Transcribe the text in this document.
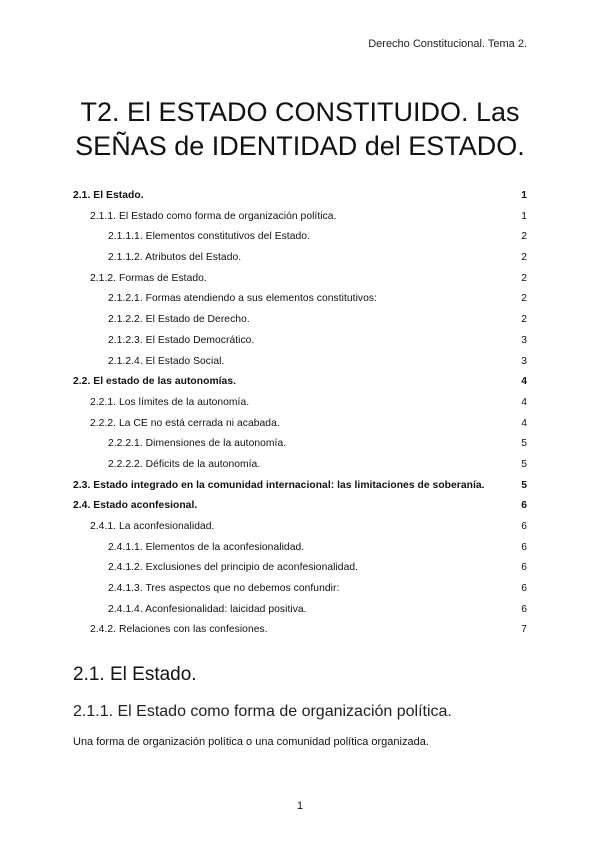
Derecho Constitucional. Tema 2.
T2. El ESTADO CONSTITUIDO. Las
SEÑAS de IDENTIDAD del ESTADO.
2.1. El Estado.	1
2.1.1. El Estado como forma de organización política.	1
2.1.1.1. Elementos constitutivos del Estado.	2
2.1.1.2. Atributos del Estado.	2
2.1.2. Formas de Estado.	2
2.1.2.1. Formas atendiendo a sus elementos constitutivos:	2
2.1.2.2. El Estado de Derecho.	2
2.1.2.3. El Estado Democrático.	3
2.1.2.4. El Estado Social.	3
2.2. El estado de las autonomías.	4
2.2.1. Los límites de la autonomía.	4
2.2.2. La CE no está cerrada ni acabada.	4
2.2.2.1. Dimensiones de la autonomía.	5
2.2.2.2. Déficits de la autonomía.	5
2.3. Estado integrado en la comunidad internacional: las limitaciones de soberanía.	5
2.4. Estado aconfesional.	6
2.4.1. La aconfesionalidad.	6
2.4.1.1. Elementos de la aconfesionalidad.	6
2.4.1.2. Exclusiones del principio de aconfesionalidad.	6
2.4.1.3. Tres aspectos que no debemos confundir:	6
2.4.1.4. Aconfesionalidad: laicidad positiva.	6
2.4.2. Relaciones con las confesiones.	7
2.1. El Estado.
2.1.1. El Estado como forma de organización política.

Una forma de organización política o una comunidad política organizada.

1
